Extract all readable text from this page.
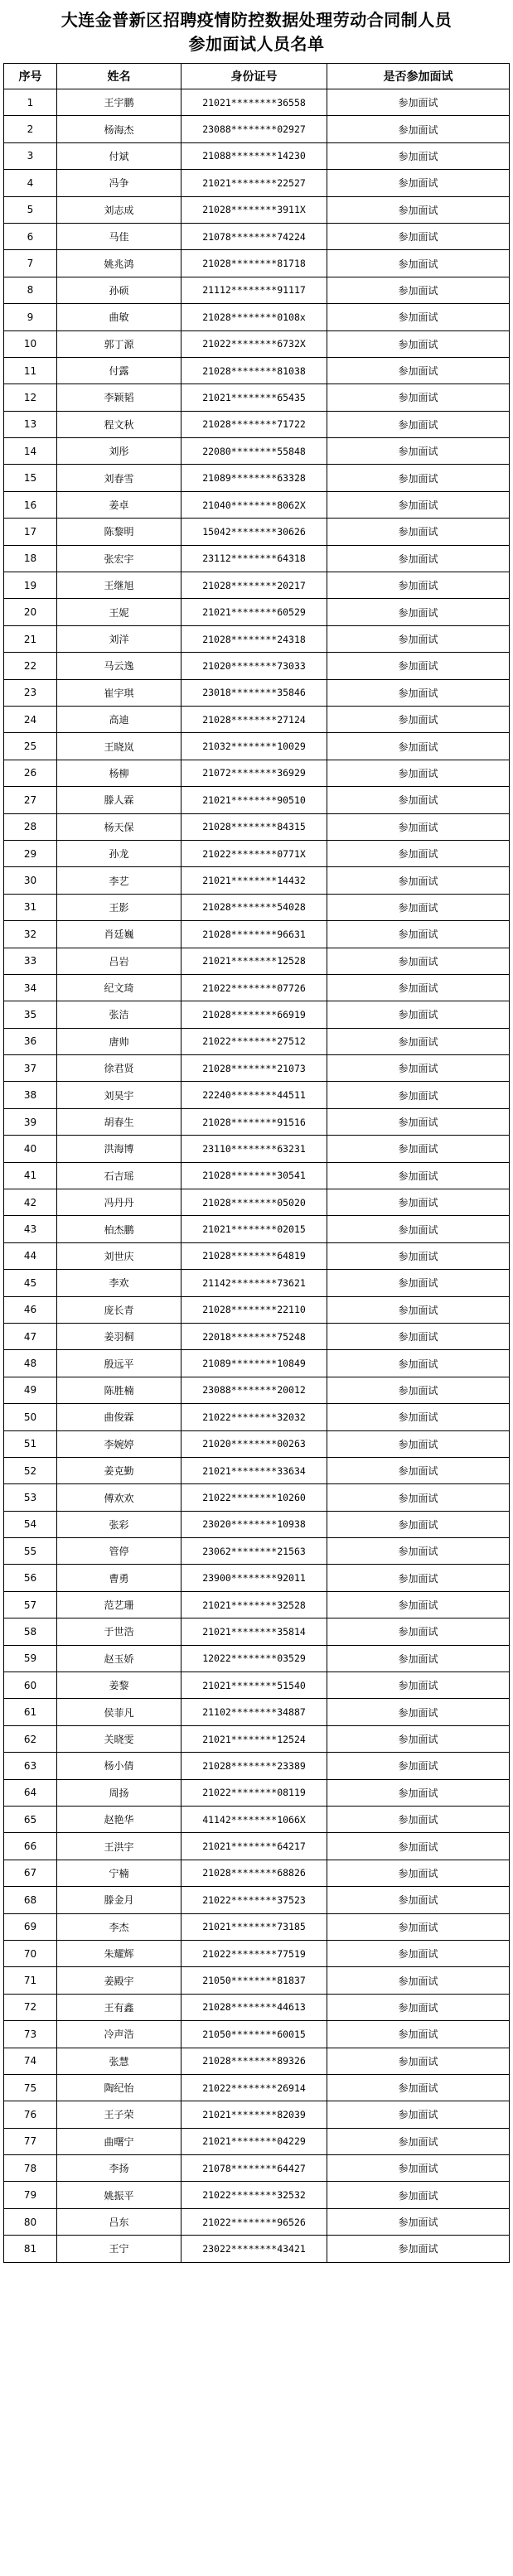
大连金普新区招聘疫情防控数据处理劳动合同制人员
参加面试人员名单
序号	姓名	身份证号	是否参加面试
1	王宇鹏	21021********36558	参加面试
2	杨海杰	23088********02927	参加面试
3	付斌	21088********14230	参加面试
4	冯争	21021********22527	参加面试
5	刘志成	21028********3911X	参加面试
6	马佳	21078********74224	参加面试
7	姚兆鸿	21028********81718	参加面试
8	孙硕	21112********91117	参加面试
9	曲敏	21028********0108x	参加面试
10	郭丁源	21022********6732X	参加面试
11	付露	21028********81038	参加面试
12	李颖韬	21021********65435	参加面试
13	程文秋	21028********71722	参加面试
14	刘彤	22080********55848	参加面试
15	刘春雪	21089********63328	参加面试
16	姜卓	21040********8062X	参加面试
17	陈黎明	15042********30626	参加面试
18	张宏宇	23112********64318	参加面试
19	王继旭	21028********20217	参加面试
20	王妮	21021********60529	参加面试
21	刘洋	21028********24318	参加面试
22	马云逸	21020********73033	参加面试
23	崔宇琪	23018********35846	参加面试
24	高迪	21028********27124	参加面试
25	王晓岚	21032********10029	参加面试
26	杨柳	21072********36929	参加面试
27	滕人霖	21021********90510	参加面试
28	杨天保	21028********84315	参加面试
29	孙龙	21022********0771X	参加面试
30	李艺	21021********14432	参加面试
31	王影	21028********54028	参加面试
32	肖廷巍	21028********96631	参加面试
33	吕岩	21021********12528	参加面试
34	纪文琦	21022********07726	参加面试
35	张洁	21028********66919	参加面试
36	唐帅	21022********27512	参加面试
37	徐君贤	21028********21073	参加面试
38	刘昊宇	22240********44511	参加面试
39	胡春生	21028********91516	参加面试
40	洪海博	23110********63231	参加面试
41	石吉瑶	21028********30541	参加面试
42	冯丹丹	21028********05020	参加面试
43	柏杰鹏	21021********02015	参加面试
44	刘世庆	21028********64819	参加面试
45	李欢	21142********73621	参加面试
46	庞长青	21028********22110	参加面试
47	姜羽桐	22018********75248	参加面试
48	殷远平	21089********10849	参加面试
49	陈胜楠	23088********20012	参加面试
50	曲俊霖	21022********32032	参加面试
51	李婉婷	21020********00263	参加面试
52	姜克勤	21021********33634	参加面试
53	傅欢欢	21022********10260	参加面试
54	张彩	23020********10938	参加面试
55	管停	23062********21563	参加面试
56	曹勇	23900********92011	参加面试
57	范艺珊	21021********32528	参加面试
58	于世浩	21021********35814	参加面试
59	赵玉娇	12022********03529	参加面试
60	姜黎	21021********51540	参加面试
61	侯菲凡	21102********34887	参加面试
62	关晓雯	21021********12524	参加面试
63	杨小倩	21028********23389	参加面试
64	周扬	21022********08119	参加面试
65	赵艳华	41142********1066X	参加面试
66	王洪宇	21021********64217	参加面试
67	宁楠	21028********68826	参加面试
68	滕金月	21022********37523	参加面试
69	李杰	21021********73185	参加面试
70	朱耀辉	21022********77519	参加面试
71	姜殿宇	21050********81837	参加面试
72	王有鑫	21028********44613	参加面试
73	冷声浩	21050********60015	参加面试
74	张慧	21028********89326	参加面试
75	陶纪怡	21022********26914	参加面试
76	王子荣	21021********82039	参加面试
77	曲曙宁	21021********04229	参加面试
78	李扬	21078********64427	参加面试
79	姚振平	21022********32532	参加面试
80	吕东	21022********96526	参加面试
81	王宁	23022********43421	参加面试
